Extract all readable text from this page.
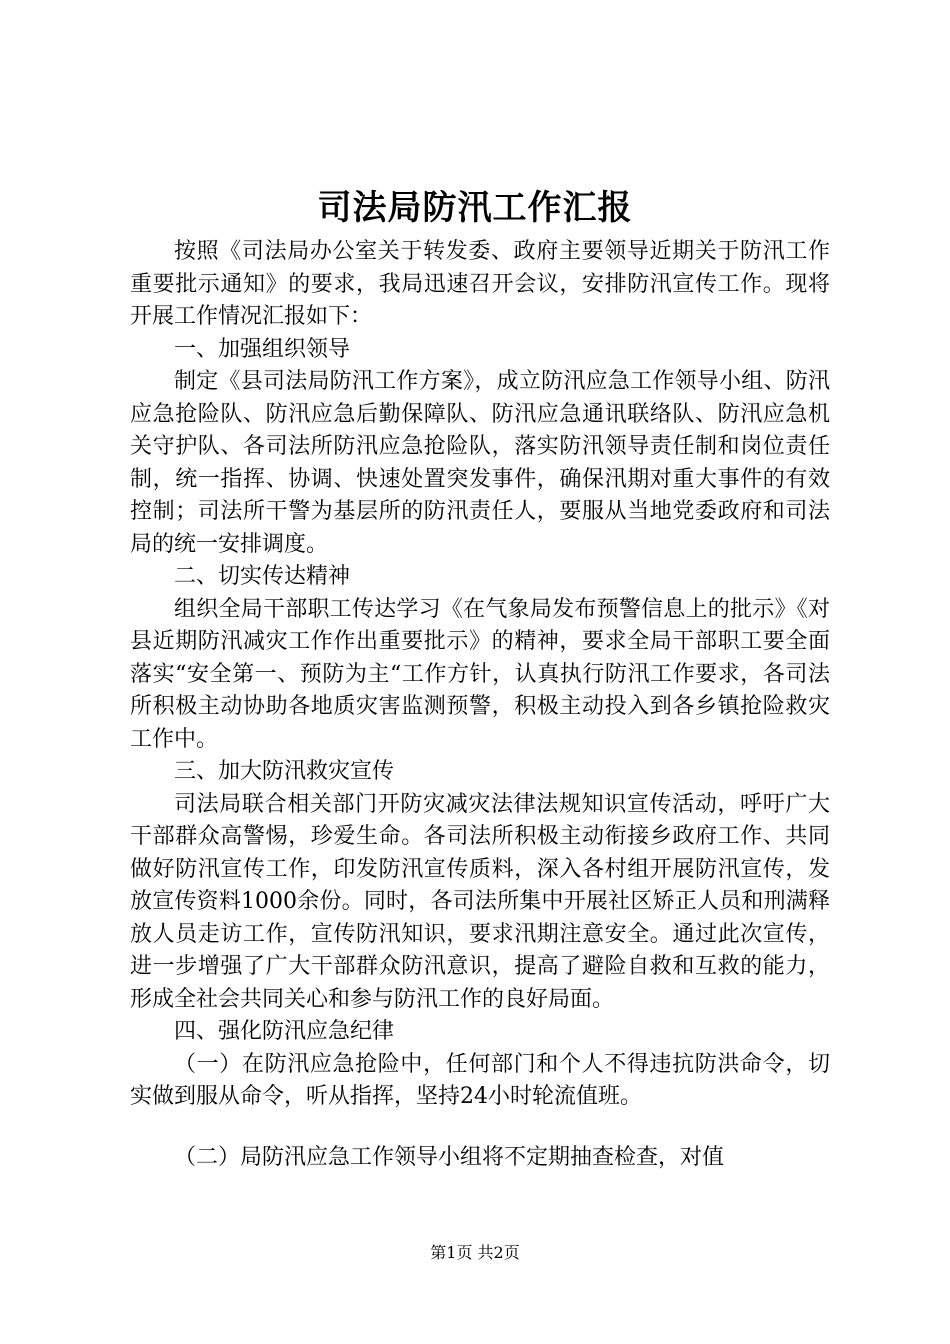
司法局防汛工作汇报

按照《司法局办公室关于转发委、政府主要领导近期关于防汛工作重要批示通知》的要求，我局迅速召开会议，安排防汛宣传工作。现将开展工作情况汇报如下：

一、加强组织领导

制定《县司法局防汛工作方案》，成立防汛应急工作领导小组、防汛应急抢险队、防汛应急后勤保障队、防汛应急通讯联络队、防汛应急机关守护队、各司法所防汛应急抢险队，落实防汛领导责任制和岗位责任制，统一指挥、协调、快速处置突发事件，确保汛期对重大事件的有效控制；司法所干警为基层所的防汛责任人，要服从当地党委政府和司法局的统一安排调度。

二、切实传达精神

组织全局干部职工传达学习《在气象局发布预警信息上的批示》《对县近期防汛减灾工作作出重要批示》的精神，要求全局干部职工要全面落实“安全第一、预防为主“工作方针，认真执行防汛工作要求，各司法所积极主动协助各地质灾害监测预警，积极主动投入到各乡镇抢险救灾工作中。

三、加大防汛救灾宣传

司法局联合相关部门开防灾减灾法律法规知识宣传活动，呼吁广大干部群众高警惕，珍爱生命。各司法所积极主动衔接乡政府工作、共同做好防汛宣传工作，印发防汛宣传质料，深入各村组开展防汛宣传，发放宣传资料1000余份。同时，各司法所集中开展社区矫正人员和刑满释放人员走访工作，宣传防汛知识，要求汛期注意安全。通过此次宣传，进一步增强了广大干部群众防汛意识，提高了避险自救和互救的能力，形成全社会共同关心和参与防汛工作的良好局面。

四、强化防汛应急纪律

（一）在防汛应急抢险中，任何部门和个人不得违抗防洪命令，切实做到服从命令，听从指挥，坚持24小时轮流值班。

（二）局防汛应急工作领导小组将不定期抽查检查，对值

第1页 共2页
